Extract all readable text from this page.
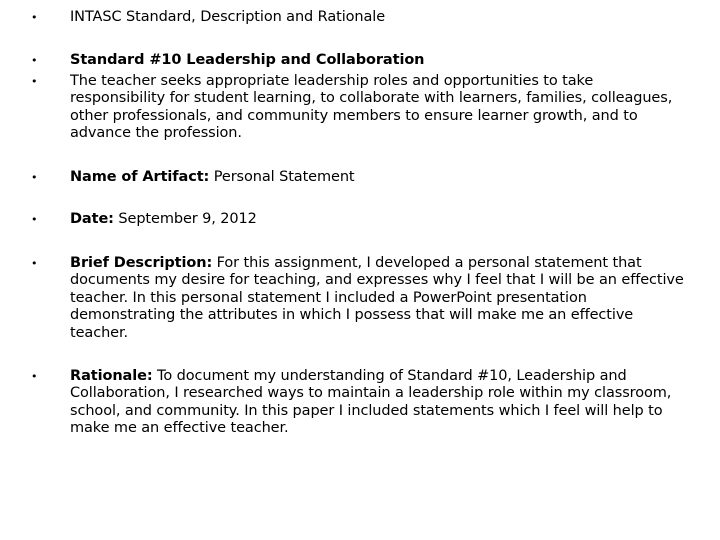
• INTASC Standard, Description and Rationale
• Standard #10 Leadership and Collaboration
• The teacher seeks appropriate leadership roles and opportunities to take responsibility for student learning, to collaborate with learners, families, colleagues, other professionals, and community members to ensure learner growth, and to advance the profession.
• Name of Artifact: Personal Statement
• Date: September 9, 2012
• Brief Description: For this assignment, I developed a personal statement that documents my desire for teaching, and expresses why I feel that I will be an effective teacher. In this personal statement I included a PowerPoint presentation demonstrating the attributes in which I possess that will make me an effective teacher.
• Rationale: To document my understanding of Standard #10, Leadership and Collaboration, I researched ways to maintain a leadership role within my classroom, school, and community. In this paper I included statements which I feel will help to make me an effective teacher.
